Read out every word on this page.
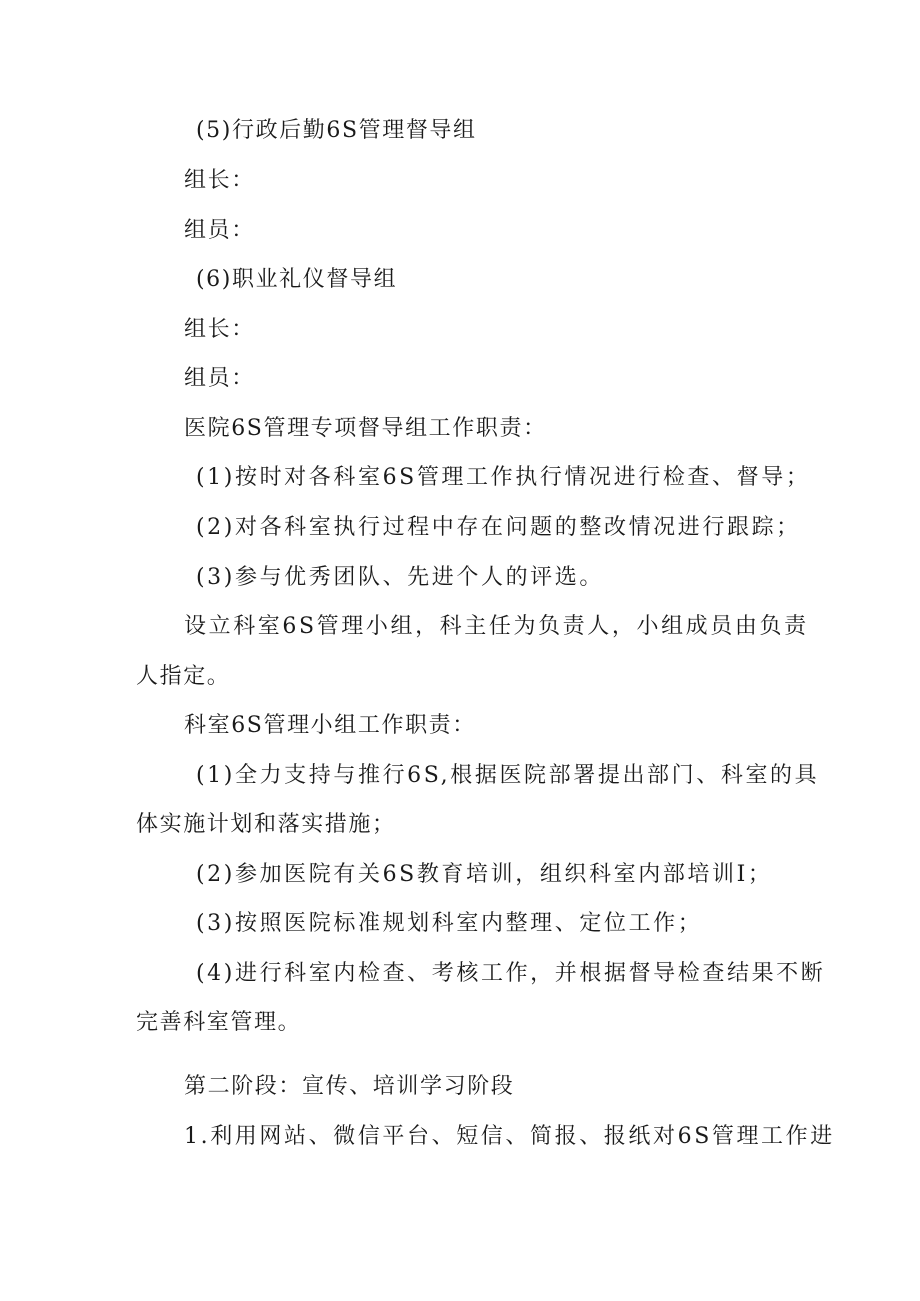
(5)行政后勤6S管理督导组
组长：
组员：
(6)职业礼仪督导组
组长：
组员：
医院6S管理专项督导组工作职责：
(1)按时对各科室6S管理工作执行情况进行检查、督导；
(2)对各科室执行过程中存在问题的整改情况进行跟踪；
(3)参与优秀团队、先进个人的评选。
设立科室6S管理小组，科主任为负责人，小组成员由负责
人指定。
科室6S管理小组工作职责：
(1)全力支持与推行6S,根据医院部署提出部门、科室的具
体实施计划和落实措施；
(2)参加医院有关6S教育培训，组织科室内部培训I；
(3)按照医院标准规划科室内整理、定位工作；
(4)进行科室内检查、考核工作，并根据督导检查结果不断
完善科室管理。
第二阶段：宣传、培训学习阶段
1.利用网站、微信平台、短信、简报、报纸对6S管理工作进
